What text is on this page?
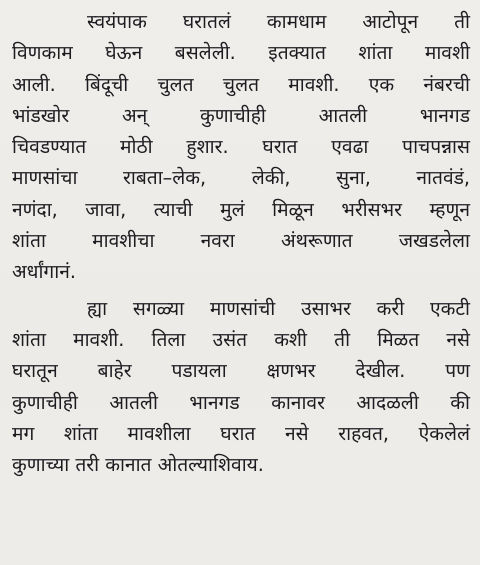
स्वयंपाक घरातलं कामधाम आटोपून ती
विणकाम घेऊन बसलेली. इतक्यात शांता मावशी
आली. बिंदूची चुलत चुलत मावशी. एक नंबरची
भांडखोर अन् कुणाचीही आतली भानगड
चिवडण्यात मोठी हुशार. घरात एवढा पाचपन्नास
माणसांचा राबता–लेक, लेकी, सुना, नातवंडं,
नणंदा, जावा, त्याची मुलं मिळून भरीसभर म्हणून
शांता मावशीचा नवरा अंथरूणात जखडलेला
अर्धांगानं.

ह्या सगळ्या माणसांची उसाभर करी एकटी
शांता मावशी. तिला उसंत कशी ती मिळत नसे
घरातून बाहेर पडायला क्षणभर देखील. पण
कुणाचीही आतली भानगड कानावर आदळली की
मग शांता मावशीला घरात नसे राहवत, ऐकलेलं
कुणाच्या तरी कानात ओतल्याशिवाय.
